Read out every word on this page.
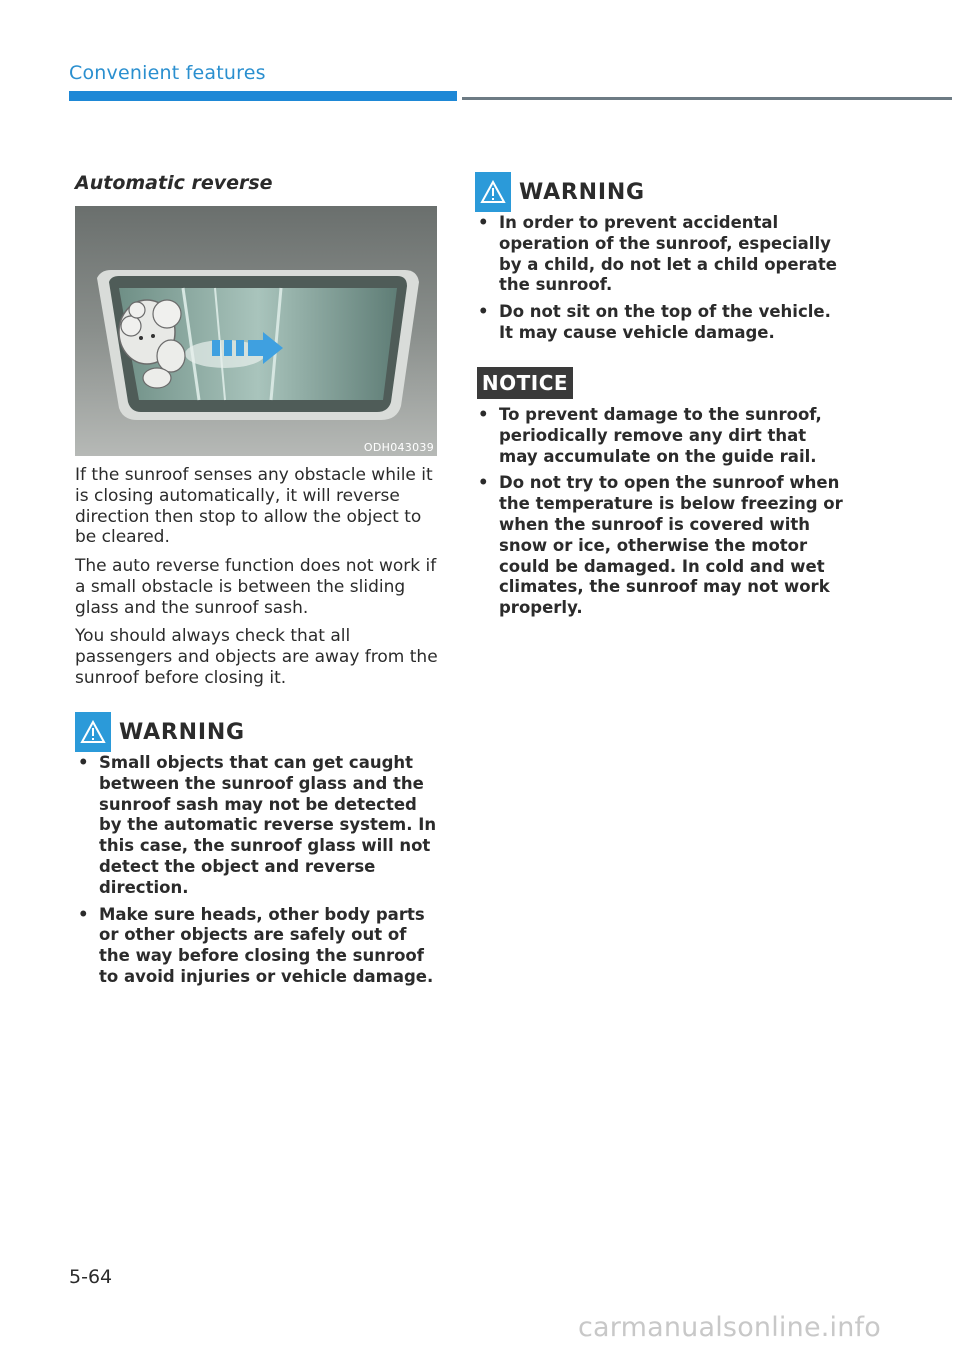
Convenient features
Automatic reverse
ODH043039

If the sunroof senses any obstacle while it is closing automatically, it will reverse direction then stop to allow the object to be cleared.

The auto reverse function does not work if a small obstacle is between the sliding glass and the sunroof sash.

You should always check that all passengers and objects are away from the sunroof before closing it.

WARNING
• Small objects that can get caught between the sunroof glass and the sunroof sash may not be detected by the automatic reverse system. In this case, the sunroof glass will not detect the object and reverse direction.
• Make sure heads, other body parts or other objects are safely out of the way before closing the sunroof to avoid injuries or vehicle damage.
WARNING
• In order to prevent accidental operation of the sunroof, especially by a child, do not let a child operate the sunroof.
• Do not sit on the top of the vehicle. It may cause vehicle damage.
NOTICE
• To prevent damage to the sunroof, periodically remove any dirt that may accumulate on the guide rail.
• Do not try to open the sunroof when the temperature is below freezing or when the sunroof is covered with snow or ice, otherwise the motor could be damaged. In cold and wet climates, the sunroof may not work properly.
5-64
carmanualsonline.info
